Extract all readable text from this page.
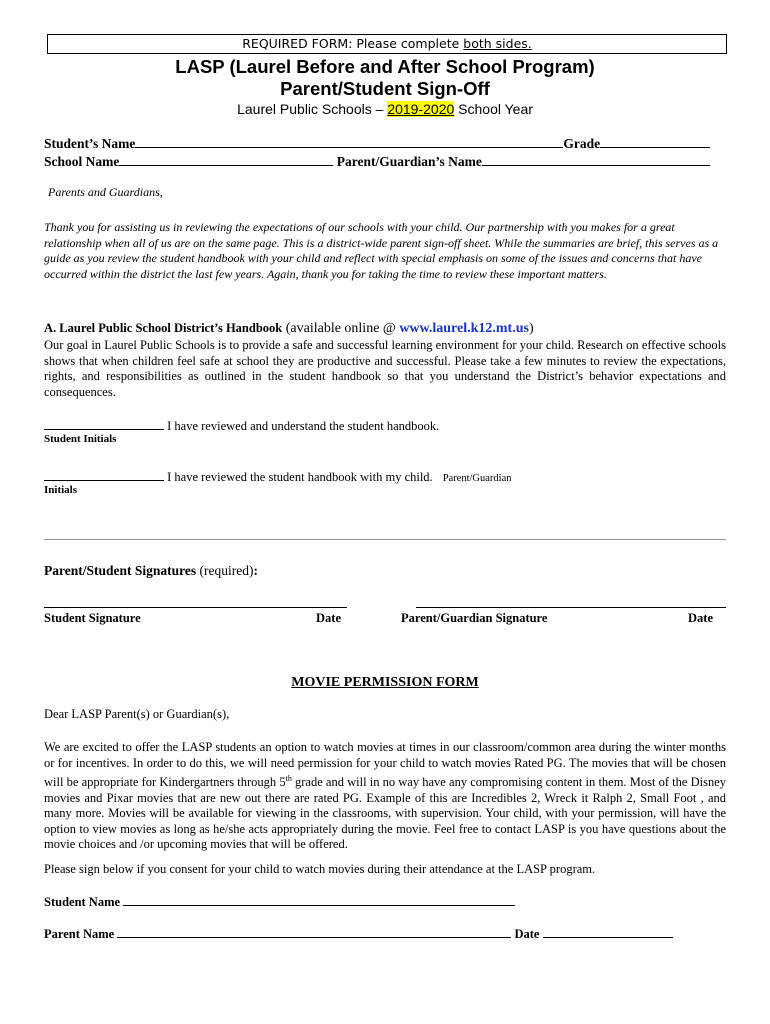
REQUIRED FORM: Please complete both sides.
LASP (Laurel Before and After School Program)
Parent/Student Sign-Off
Laurel Public Schools – 2019-2020 School Year
Student’s Name	Grade
School Name	Parent/Guardian’s Name
Parents and Guardians,
Thank you for assisting us in reviewing the expectations of our schools with your child. Our partnership with you makes for a great relationship when all of us are on the same page. This is a district-wide parent sign-off sheet. While the summaries are brief, this serves as a guide as you review the student handbook with your child and reflect with special emphasis on some of the issues and concerns that have occurred within the district the last few years. Again, thank you for taking the time to review these important matters.
A. Laurel Public School District’s Handbook (available online @ www.laurel.k12.mt.us)
Our goal in Laurel Public Schools is to provide a safe and successful learning environment for your child. Research on effective schools shows that when children feel safe at school they are productive and successful. Please take a few minutes to review the expectations, rights, and responsibilities as outlined in the student handbook so that you understand the District’s behavior expectations and consequences.
I have reviewed and understand the student handbook.
Student Initials
I have reviewed the student handbook with my child. Parent/Guardian
Initials
Parent/Student Signatures (required):
Student Signature	Date	Parent/Guardian Signature	Date
MOVIE PERMISSION FORM
Dear LASP Parent(s) or Guardian(s),
We are excited to offer the LASP students an option to watch movies at times in our classroom/common area during the winter months or for incentives. In order to do this, we will need permission for your child to watch movies Rated PG. The movies that will be chosen will be appropriate for Kindergartners through 5th grade and will in no way have any compromising content in them. Most of the Disney movies and Pixar movies that are new out there are rated PG. Example of this are Incredibles 2, Wreck it Ralph 2, Small Foot , and many more. Movies will be available for viewing in the classrooms, with supervision. Your child, with your permission, will have the option to view movies as long as he/she acts appropriately during the movie. Feel free to contact LASP is you have questions about the movie choices and /or upcoming movies that will be offered.
Please sign below if you consent for your child to watch movies during their attendance at the LASP program.
Student Name
Parent Name	Date
